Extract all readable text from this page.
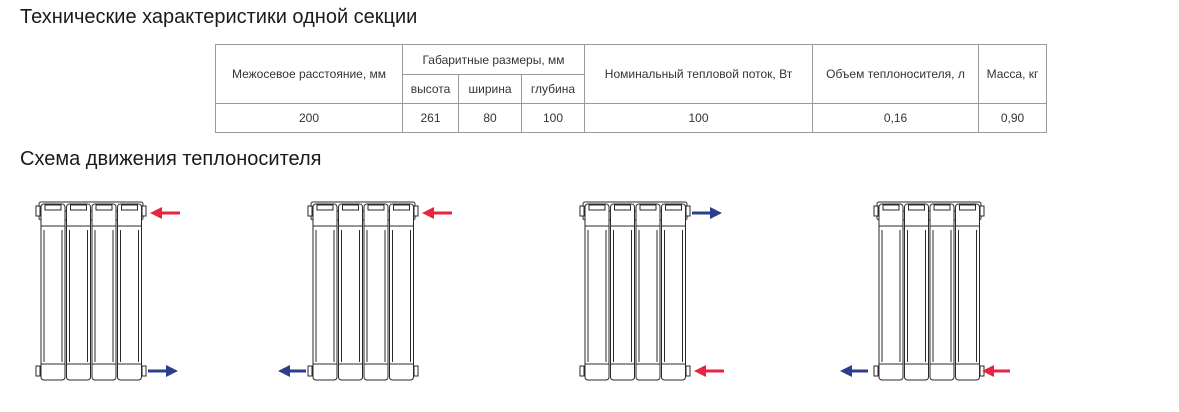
Технические характеристики одной секции
Межосевое расстояние, мм	Габаритные размеры, мм			Номинальный тепловой поток, Вт	Объем теплоносителя, л	Масса, кг
	высота	ширина	глубина			
200	261	80	100	100	0,16	0,90
Схема движения теплоносителя
